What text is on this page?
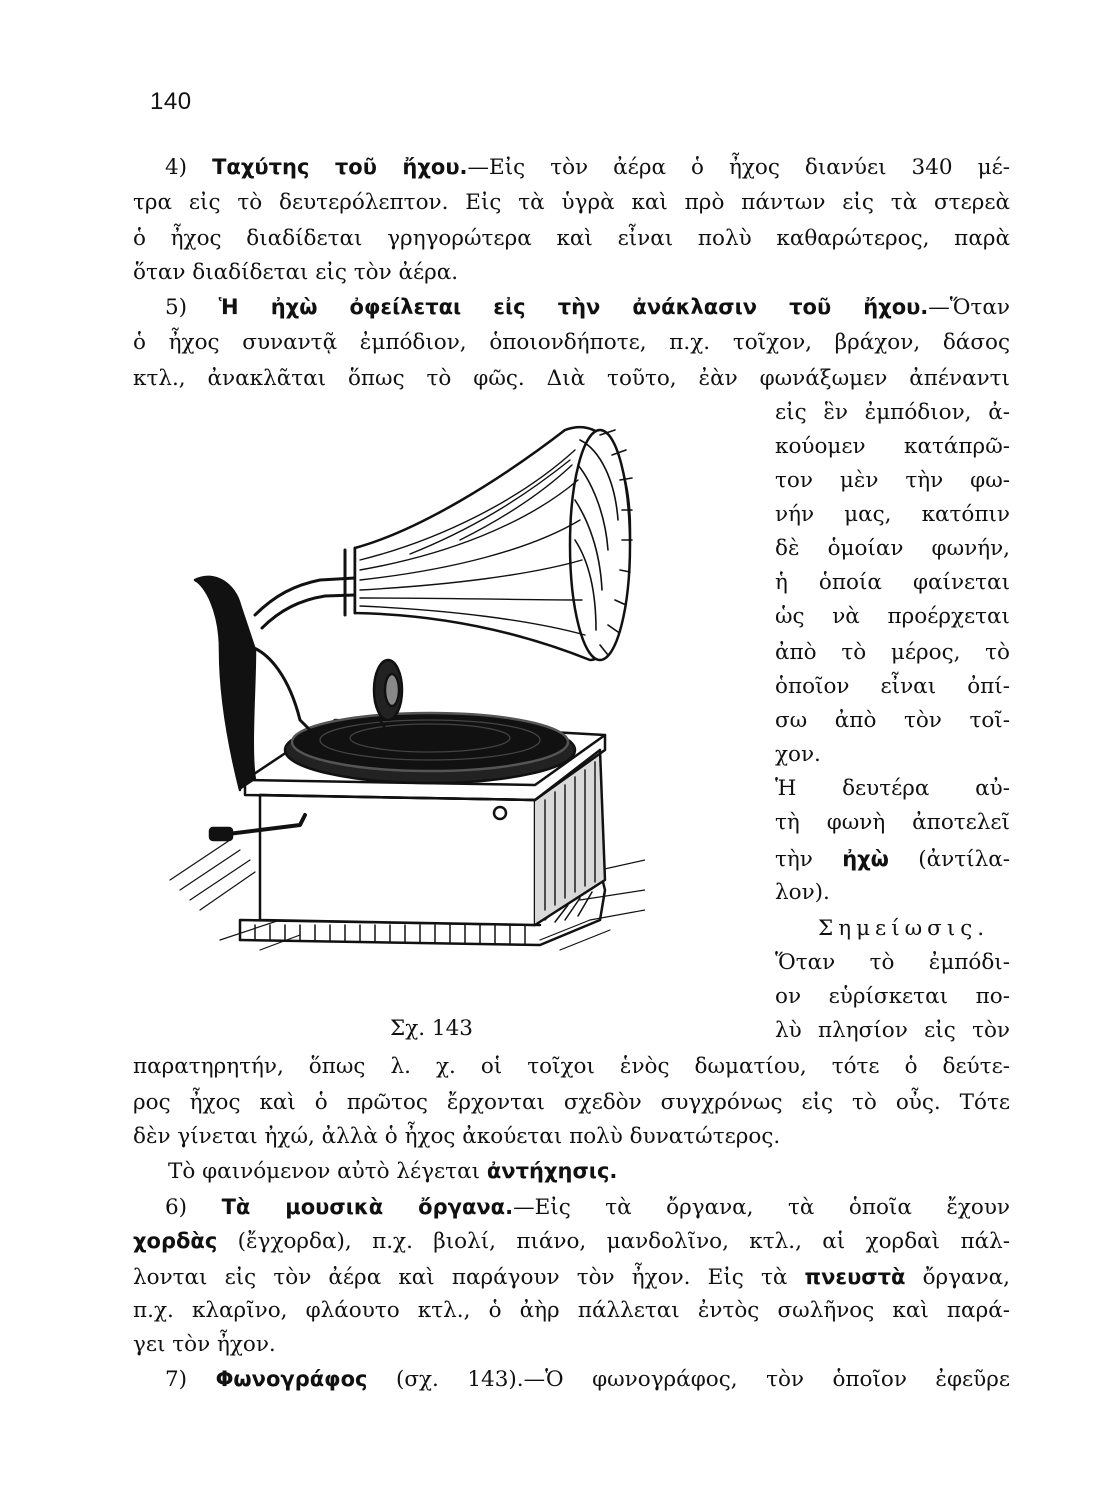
140
4) Ταχύτης τοῦ ἤχου.—Εἰς τὸν ἀέρα ὁ ἦχος διανύει 340 μέ-
τρα εἰς τὸ δευτερόλεπτον. Εἰς τὰ ὑγρὰ καὶ πρὸ πάντων εἰς τὰ στερεὰ
ὁ ἦχος διαδίδεται γρηγορώτερα καὶ εἶναι πολὺ καθαρώτερος, παρὰ
ὅταν διαδίδεται εἰς τὸν ἀέρα.
5) Ἡ ἠχὼ ὀφείλεται εἰς τὴν ἀνάκλασιν τοῦ ἤχου.—Ὅταν
ὁ ἦχος συναντᾷ ἐμπόδιον, ὁποιονδήποτε, π.χ. τοῖχον, βράχον, δάσος
κτλ., ἀνακλᾶται ὅπως τὸ φῶς. Διὰ τοῦτο, ἐὰν φωνάξωμεν ἀπέναντι
εἰς ἓν ἐμπόδιον, ἀ-
κούομεν κατάπρῶ-
τον μὲν τὴν φω-
νήν μας, κατόπιν
δὲ ὁμοίαν φωνήν,
ἡ ὁποία φαίνεται
ὡς νὰ προέρχεται
ἀπὸ τὸ μέρος, τὸ
ὁποῖον εἶναι ὀπί-
σω ἀπὸ τὸν τοῖ-
χον.
Ἡ δευτέρα αὐ-
τὴ φωνὴ ἀποτελεῖ
τὴν ἠχὼ (ἀντίλα-
λον).
Σημείωσις.
Ὅταν τὸ ἐμπόδι-
ον εὑρίσκεται πο-
λὺ πλησίον εἰς τὸν
Σχ. 143
παρατηρητήν, ὅπως λ. χ. οἱ τοῖχοι ἑνὸς δωματίου, τότε ὁ δεύτε-
ρος ἦχος καὶ ὁ πρῶτος ἔρχονται σχεδὸν συγχρόνως εἰς τὸ οὖς. Τότε
δὲν γίνεται ἠχώ, ἀλλὰ ὁ ἦχος ἀκούεται πολὺ δυνατώτερος.
Τὸ φαινόμενον αὐτὸ λέγεται ἀντήχησις.
6) Τὰ μουσικὰ ὄργανα.—Εἰς τὰ ὄργανα, τὰ ὁποῖα ἔχουν
χορδὰς (ἔγχορδα), π.χ. βιολί, πιάνο, μανδολῖνο, κτλ., αἱ χορδαὶ πάλ-
λονται εἰς τὸν ἀέρα καὶ παράγουν τὸν ἦχον. Εἰς τὰ πνευστὰ ὄργανα,
π.χ. κλαρῖνο, φλάουτο κτλ., ὁ ἀὴρ πάλλεται ἐντὸς σωλῆνος καὶ παρά-
γει τὸν ἦχον.
7) Φωνογράφος (σχ. 143).—Ὁ φωνογράφος, τὸν ὁποῖον ἐφεῦρε
